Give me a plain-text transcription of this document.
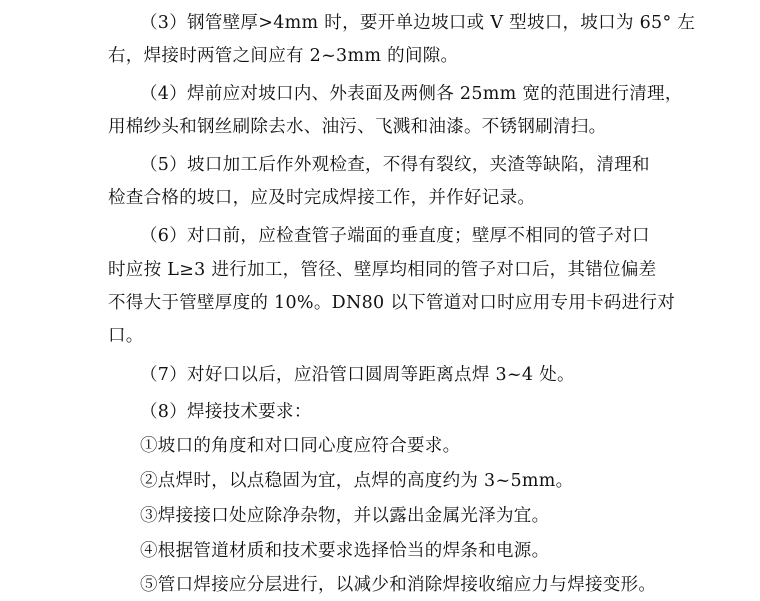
（3）钢管壁厚>4mm 时，要开单边坡口或 V 型坡口，坡口为 65° 左
右，焊接时两管之间应有 2~3mm 的间隙。
（4）焊前应对坡口内、外表面及两侧各 25mm 宽的范围进行清理，
用棉纱头和钢丝刷除去水、油污、飞溅和油漆。不锈钢刷清扫。
（5）坡口加工后作外观检查，不得有裂纹，夹渣等缺陷，清理和
检查合格的坡口，应及时完成焊接工作，并作好记录。
（6）对口前，应检查管子端面的垂直度；壁厚不相同的管子对口
时应按 L≥3 进行加工，管径、壁厚均相同的管子对口后，其错位偏差
不得大于管壁厚度的 10%。DN80 以下管道对口时应用专用卡码进行对
口。
（7）对好口以后，应沿管口圆周等距离点焊 3~4 处。
（8）焊接技术要求：
①坡口的角度和对口同心度应符合要求。
②点焊时，以点稳固为宜，点焊的高度约为 3~5mm。
③焊接接口处应除净杂物，并以露出金属光泽为宜。
④根据管道材质和技术要求选择恰当的焊条和电源。
⑤管口焊接应分层进行，以减少和消除焊接收缩应力与焊接变形。
